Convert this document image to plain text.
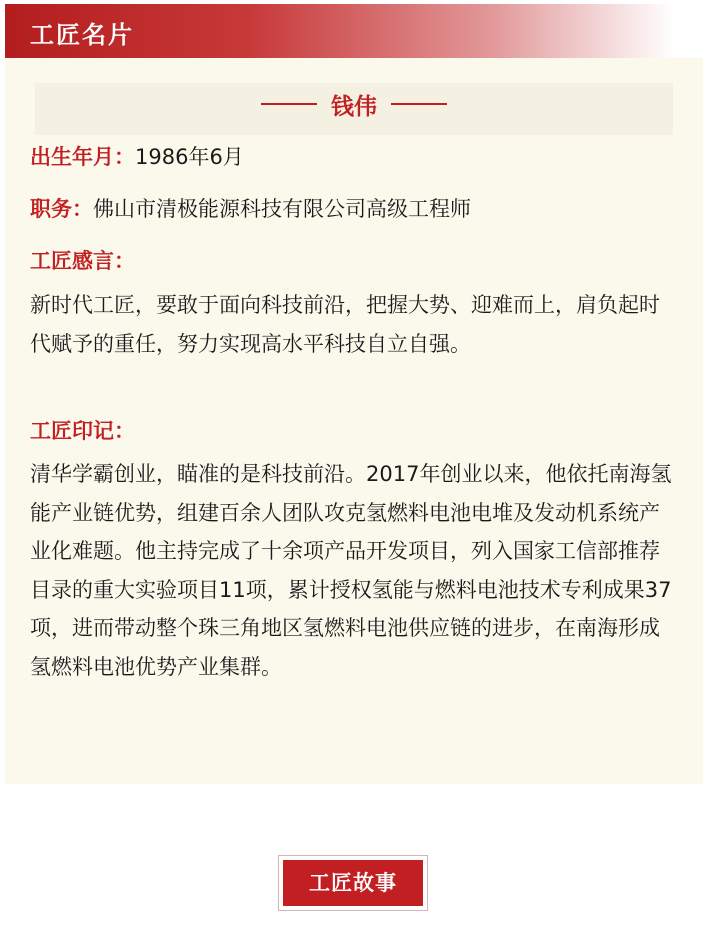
工匠名片
钱伟
出生年月：1986年6月
职务：佛山市清极能源科技有限公司高级工程师
工匠感言：
新时代工匠，要敢于面向科技前沿，把握大势、迎难而上，肩负起时代赋予的重任，努力实现高水平科技自立自强。
工匠印记：
清华学霸创业，瞄准的是科技前沿。2017年创业以来，他依托南海氢能产业链优势，组建百余人团队攻克氢燃料电池电堆及发动机系统产业化难题。他主持完成了十余项产品开发项目，列入国家工信部推荐目录的重大实验项目11项，累计授权氢能与燃料电池技术专利成果37项，进而带动整个珠三角地区氢燃料电池供应链的进步，在南海形成氢燃料电池优势产业集群。
工匠故事
